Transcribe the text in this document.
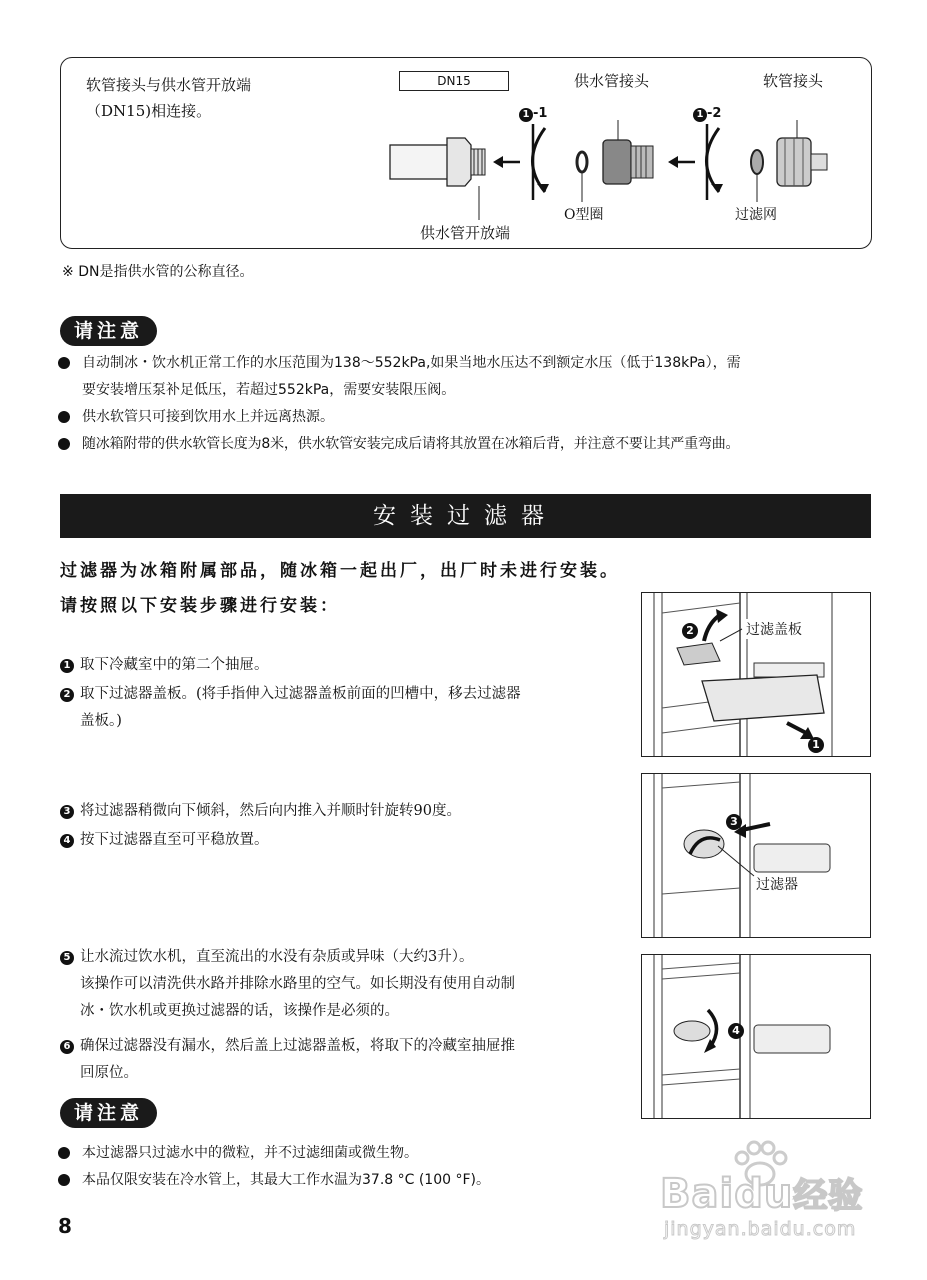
软管接头与供水管开放端
（DN15)相连接。
DN15	供水管接头	软管接头
O型圈	过滤网
供水管开放端
1 -1	1 -2
※ DN是指供水管的公称直径。
请注意
自动制冰・饮水机正常工作的水压范围为138～552kPa,如果当地水压达不到额定水压（低于138kPa），需
要安装增压泵补足低压，若超过552kPa，需要安装限压阀。
供水软管只可接到饮用水上并远离热源。
随冰箱附带的供水软管长度为8米，供水软管安装完成后请将其放置在冰箱后背，并注意不要让其严重弯曲。
安装过滤器
过滤器为冰箱附属部品，随冰箱一起出厂，出厂时未进行安装。
请按照以下安装步骤进行安装：
1 取下冷藏室中的第二个抽屉。
2 取下过滤器盖板。(将手指伸入过滤器盖板前面的凹槽中，移去过滤器
盖板。)
3 将过滤器稍微向下倾斜，然后向内推入并顺时针旋转90度。
4 按下过滤器直至可平稳放置。
5 让水流过饮水机，直至流出的水没有杂质或异味（大约3升）。
该操作可以清洗供水路并排除水路里的空气。如长期没有使用自动制
冰・饮水机或更换过滤器的话，该操作是必须的。
6 确保过滤器没有漏水，然后盖上过滤器盖板，将取下的冷藏室抽屉推
回原位。
过滤盖板
2
1
3
过滤器
4
请注意
本过滤器只过滤水中的微粒，并不过滤细菌或微生物。
本品仅限安装在冷水管上，其最大工作水温为37.8 °C (100 °F)。
8
Baidu经验
jingyan.baidu.com
